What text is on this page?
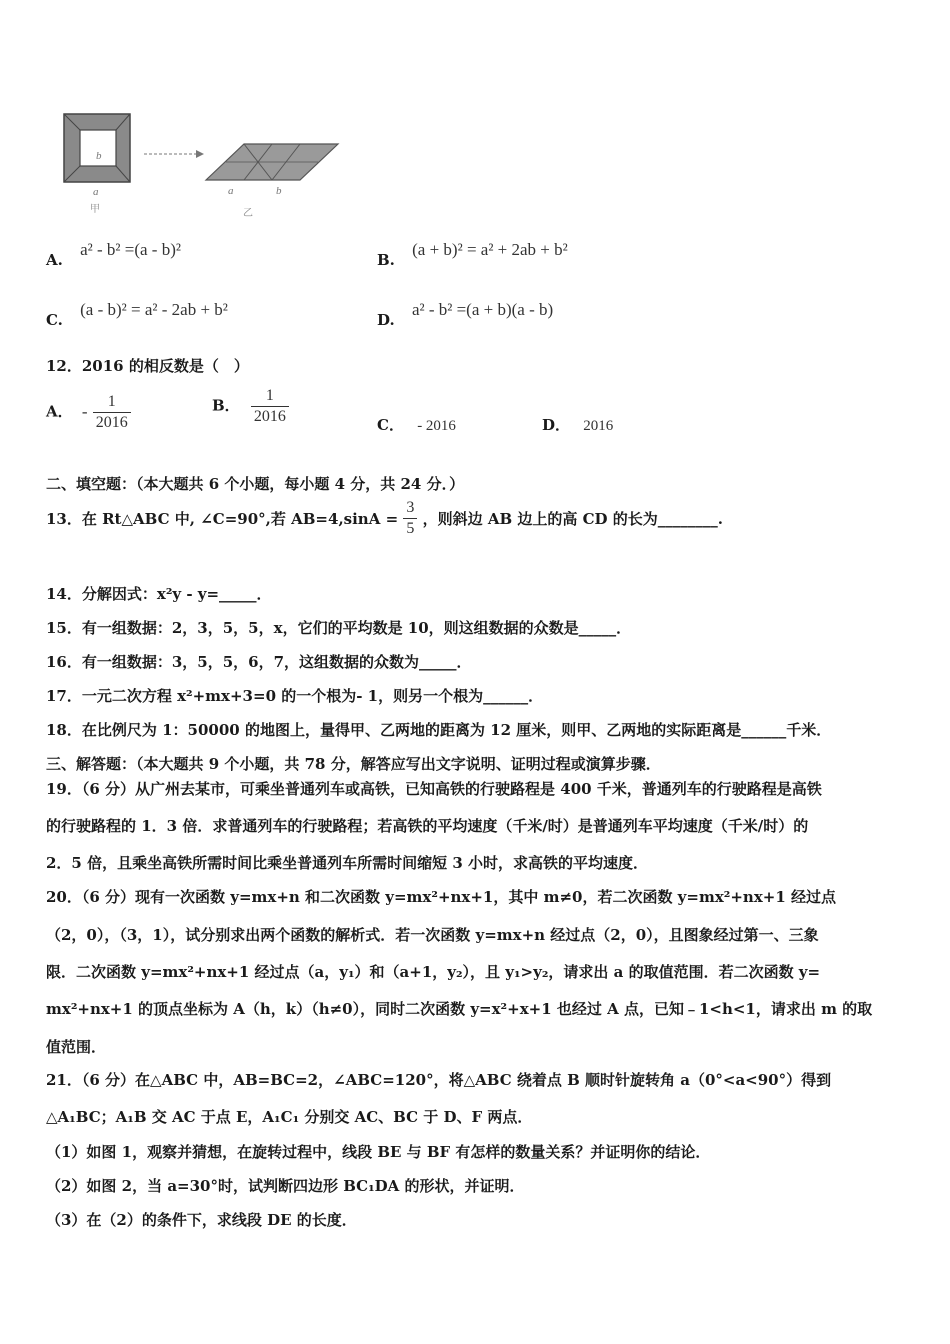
b
a
甲
a	b
乙
A. a² - b² =(a - b)²
B. (a + b)² = a² + 2ab + b²
C. (a - b)² = a² - 2ab + b²
D. a² - b² =(a + b)(a - b)
12．2016 的相反数是（　）
A． - $\frac{1}{2016}$	B． $\frac{1}{2016}$	C． - 2016	D． 2016
二、填空题：（本大题共 6 个小题，每小题 4 分，共 24 分．）
13．在 Rt△ABC 中, ∠C=90°,若 $AB=4,\sin A = \frac{3}{5}$ ，则斜边 AB 边上的高 CD 的长为________.
14．分解因式：x²y - y=_____．
15．有一组数据：2，3，5，5，x，它们的平均数是 10，则这组数据的众数是_____．
16．有一组数据：3，5，5，6，7，这组数据的众数为_____．
17．一元二次方程 x²+mx+3=0 的一个根为- 1，则另一个根为______．
18．在比例尺为 1：50000 的地图上，量得甲、乙两地的距离为 12 厘米，则甲、乙两地的实际距离是______千米．
三、解答题：（本大题共 9 个小题，共 78 分，解答应写出文字说明、证明过程或演算步骤．
19．（6 分）从广州去某市，可乘坐普通列车或高铁，已知高铁的行驶路程是 400 千米，普通列车的行驶路程是高铁
的行驶路程的 1．3 倍．求普通列车的行驶路程；若高铁的平均速度（千米/时）是普通列车平均速度（千米/时）的
2．5 倍，且乘坐高铁所需时间比乘坐普通列车所需时间缩短 3 小时，求高铁的平均速度．
20．（6 分）现有一次函数 y=mx+n 和二次函数 y=mx²+nx+1，其中 m≠0，若二次函数 y=mx²+nx+1 经过点
（2，0），（3，1），试分别求出两个函数的解析式．若一次函数 y=mx+n 经过点（2，0），且图象经过第一、三象
限．二次函数 y=mx²+nx+1 经过点（a，y₁）和（a+1，y₂），且 y₁>y₂，请求出 a 的取值范围．若二次函数 y=
mx²+nx+1 的顶点坐标为 A（h，k）（h≠0），同时二次函数 y=x²+x+1 也经过 A 点，已知﹣1<h<1，请求出 m 的取
值范围．
21．（6 分）在△ABC 中，AB=BC=2，∠ABC=120°，将△ABC 绕着点 B 顺时针旋转角 a（0°<a<90°）得到
△A₁BC；A₁B 交 AC 于点 E，A₁C₁ 分别交 AC、BC 于 D、F 两点．
（1）如图 1，观察并猜想，在旋转过程中，线段 BE 与 BF 有怎样的数量关系？并证明你的结论．
（2）如图 2，当 a=30°时，试判断四边形 BC₁DA 的形状，并证明．
（3）在（2）的条件下，求线段 DE 的长度．
